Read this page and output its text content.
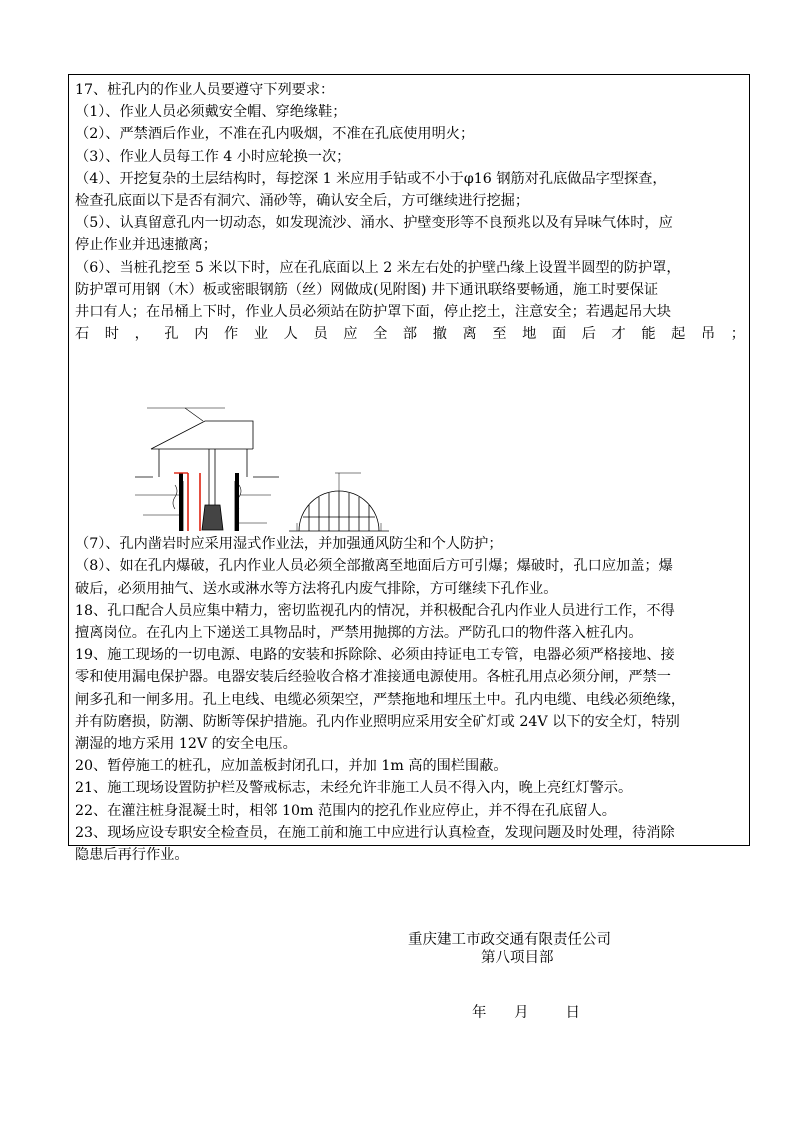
17、桩孔内的作业人员要遵守下列要求：
（1）、作业人员必须戴安全帽、穿绝缘鞋；
（2）、严禁酒后作业，不准在孔内吸烟，不准在孔底使用明火；
（3）、作业人员每工作 4 小时应轮换一次；
（4）、开挖复杂的土层结构时，每挖深 1 米应用手钻或不小于φ16 钢筋对孔底做品字型探查，
检查孔底面以下是否有洞穴、涌砂等，确认安全后，方可继续进行挖掘；
（5）、认真留意孔内一切动态，如发现流沙、涌水、护壁变形等不良预兆以及有异味气体时，应
停止作业并迅速撤离；
（6）、当桩孔挖至 5 米以下时，应在孔底面以上 2 米左右处的护壁凸缘上设置半圆型的防护罩，
防护罩可用钢（木）板或密眼钢筋（丝）网做成(见附图) 井下通讯联络要畅通，施工时要保证
井口有人；在吊桶上下时，作业人员必须站在防护罩下面，停止挖土，注意安全；若遇起吊大块
石时，孔内作业人员应全部撤离至地面后才能起吊；
（7）、孔内凿岩时应采用湿式作业法，并加强通风防尘和个人防护；
（8）、如在孔内爆破，孔内作业人员必须全部撤离至地面后方可引爆；爆破时，孔口应加盖；爆
破后，必须用抽气、送水或淋水等方法将孔内废气排除，方可继续下孔作业。
18、孔口配合人员应集中精力，密切监视孔内的情况，并积极配合孔内作业人员进行工作，不得
擅离岗位。在孔内上下递送工具物品时，严禁用抛掷的方法。严防孔口的物件落入桩孔内。
19、施工现场的一切电源、电路的安装和拆除除、必须由持证电工专管，电器必须严格接地、接
零和使用漏电保护器。电器安装后经验收合格才准接通电源使用。各桩孔用点必须分闸，严禁一
闸多孔和一闸多用。孔上电线、电缆必须架空，严禁拖地和埋压土中。孔内电缆、电线必须绝缘，
并有防磨损，防潮、防断等保护措施。孔内作业照明应采用安全矿灯或 24V 以下的安全灯，特别
潮湿的地方采用 12V 的安全电压。
20、暂停施工的桩孔，应加盖板封闭孔口，并加 1m 高的围栏围蔽。
21、施工现场设置防护栏及警戒标志，未经允许非施工人员不得入内，晚上亮红灯警示。
22、在灌注桩身混凝土时，相邻 10m 范围内的挖孔作业应停止，并不得在孔底留人。
23、现场应设专职安全检查员，在施工前和施工中应进行认真检查，发现问题及时处理，待消除
隐患后再行作业。
重庆建工市政交通有限责任公司
第八项目部
年      月        日
